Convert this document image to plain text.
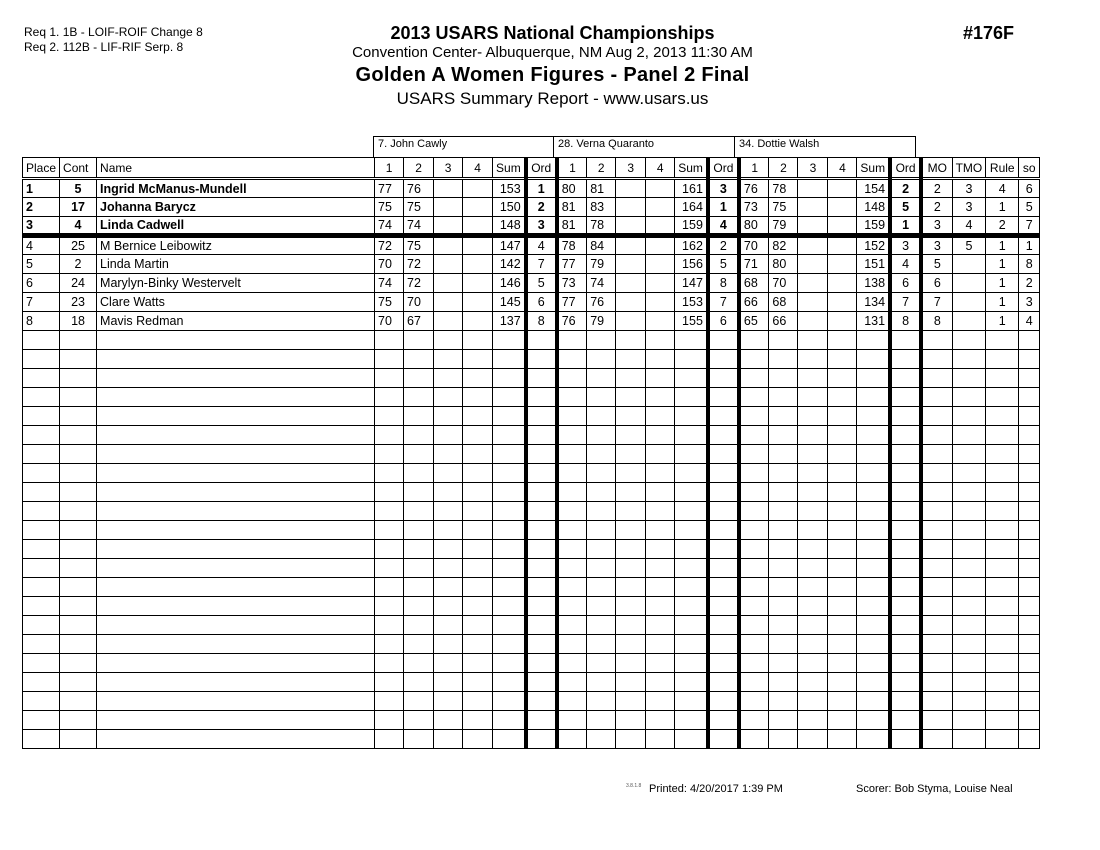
Req 1. 1B - LOIF-ROIF Change 8
Req 2. 112B - LIF-RIF Serp. 8
2013 USARS National Championships
Convention Center- Albuquerque, NM Aug 2, 2013 11:30 AM
Golden A Women Figures - Panel 2 Final
USARS Summary Report - www.usars.us
#176F
7. John Cawly	28. Verna Quaranto	34. Dottie Walsh
Place	Cont	Name	1	2	3	4	Sum	Ord	1	2	3	4	Sum	Ord	1	2	3	4	Sum	Ord	MO	TMO	Rule	so
1	5	Ingrid McManus-Mundell	77	76			153	1	80	81			161	3	76	78			154	2	2	3	4	6
2	17	Johanna Barycz	75	75			150	2	81	83			164	1	73	75			148	5	2	3	1	5
3	4	Linda Cadwell	74	74			148	3	81	78			159	4	80	79			159	1	3	4	2	7
4	25	M Bernice Leibowitz	72	75			147	4	78	84			162	2	70	82			152	3	3	5	1	1
5	2	Linda Martin	70	72			142	7	77	79			156	5	71	80			151	4	5		1	8
6	24	Marylyn-Binky Westervelt	74	72			146	5	73	74			147	8	68	70			138	6	6		1	2
7	23	Clare Watts	75	70			145	6	77	76			153	7	66	68			134	7	7		1	3
8	18	Mavis Redman	70	67			137	8	76	79			155	6	65	66			131	8	8		1	4

3.8.1.8 Printed: 4/20/2017 1:39 PM	Scorer: Bob Styma, Louise Neal
